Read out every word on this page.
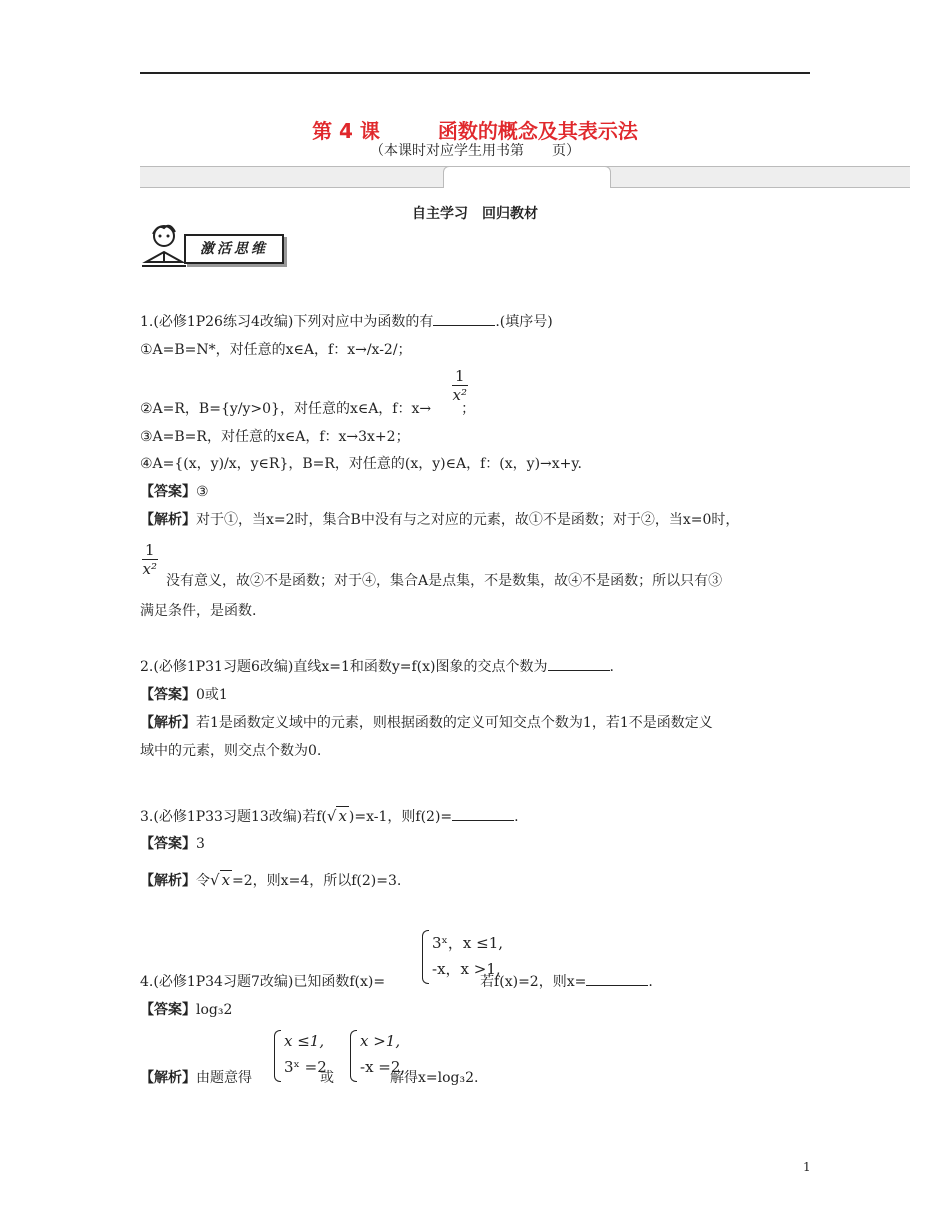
第 4 课	函数的概念及其表示法
（本课时对应学生用书第　　页）
自主学习　回归教材
激活思维
1.(必修1P26练习4改编)下列对应中为函数的有	.(填序号)
①A=B=N*，对任意的x∈A，f：x→/x-2/；
$\frac{1}{\text{x²}}$
②A=R，B={y/y>0}，对任意的x∈A，f：x→ ；
③A=B=R，对任意的x∈A，f：x→3x+2；
④A={(x，y)/x，y∈R}，B=R，对任意的(x，y)∈A，f：(x，y)→x+y.
【答案】③
【解析】对于①，当x=2时，集合B中没有与之对应的元素，故①不是函数；对于②，当x=0时，
$\frac{1}{\text{x²}}$
没有意义，故②不是函数；对于④，集合A是点集，不是数集，故④不是函数；所以只有③
满足条件，是函数.
2.(必修1P31习题6改编)直线x=1和函数y=f(x)图象的交点个数为	.
【答案】0或1
【解析】若1是函数定义域中的元素，则根据函数的定义可知交点个数为1，若1不是函数定义
域中的元素，则交点个数为0.
3.(必修1P33习题13改编)若f(√ x )=x-1，则f(2)=	.
【答案】3
【解析】令√ x =2，则x=4，所以f(2)=3.
3ˣ，x ≤1,
-x，x >1,
4.(必修1P34习题7改编)已知函数f(x)=	若f(x)=2，则x=	.
【答案】log₃2
x ≤1,
3ˣ =2
x >1,
-x =2,
【解析】由题意得	或	解得x=log₃2.
1
